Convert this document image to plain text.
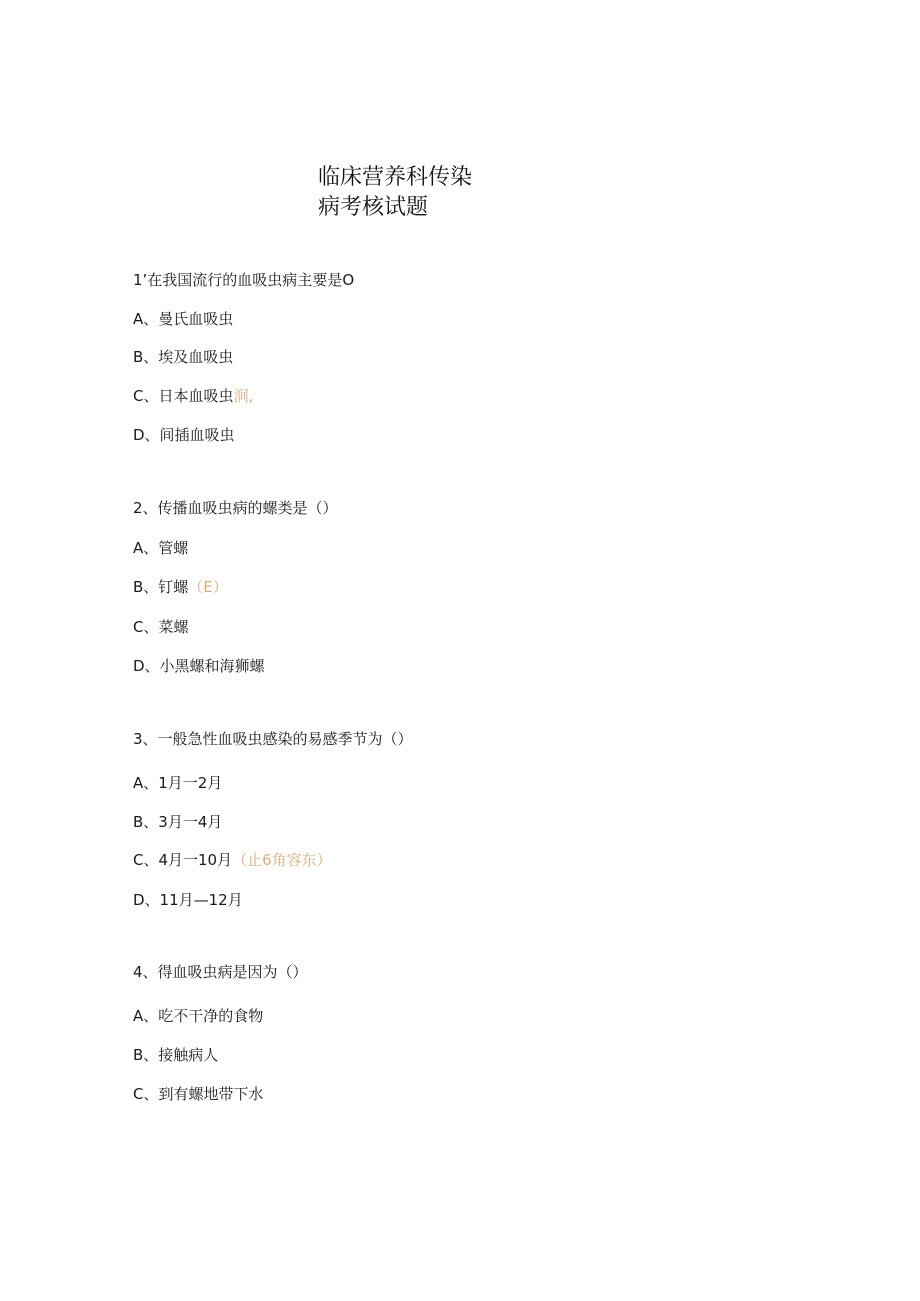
临床营养科传染
病考核试题
1’在我国流行的血吸虫病主要是O
A、曼氏血吸虫
B、埃及血吸虫
C、日本血吸虫涧,
D、间插血吸虫
2、传播血吸虫病的螺类是（）
A、管螺
B、钉螺（E）
C、菜螺
D、小黑螺和海狮螺
3、一般急性血吸虫感染的易感季节为（）
A、1月一2月
B、3月一4月
C、4月一10月（止6角容东）
D、11月—12月
4、得血吸虫病是因为（）
A、吃不干净的食物
B、接触病人
C、到有螺地带下水
